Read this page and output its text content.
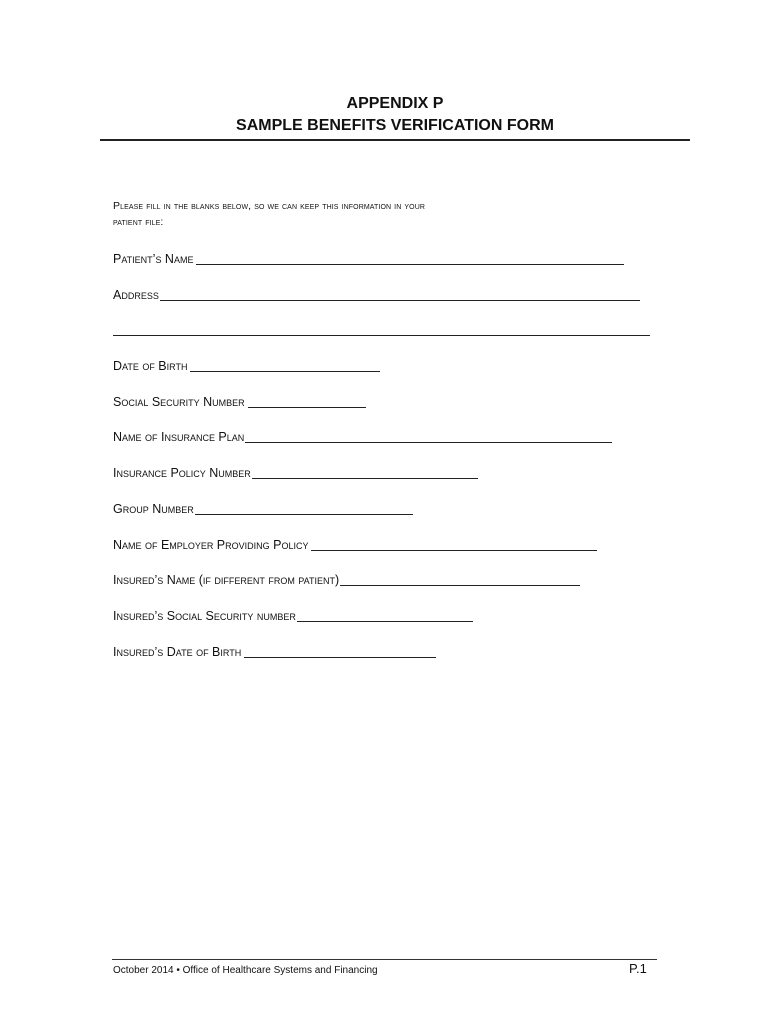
APPENDIX P
SAMPLE BENEFITS VERIFICATION FORM
Please fill in the blanks below, so we can keep this information in your
patient file:
Patient’s Name
Address
Date of Birth
Social Security Number
Name of Insurance Plan
Insurance Policy Number
Group Number
Name of Employer Providing Policy
Insured’s Name (if different from patient)
Insured’s Social Security number
Insured’s Date of Birth
October 2014 • Office of Healthcare Systems and Financing	P.1
